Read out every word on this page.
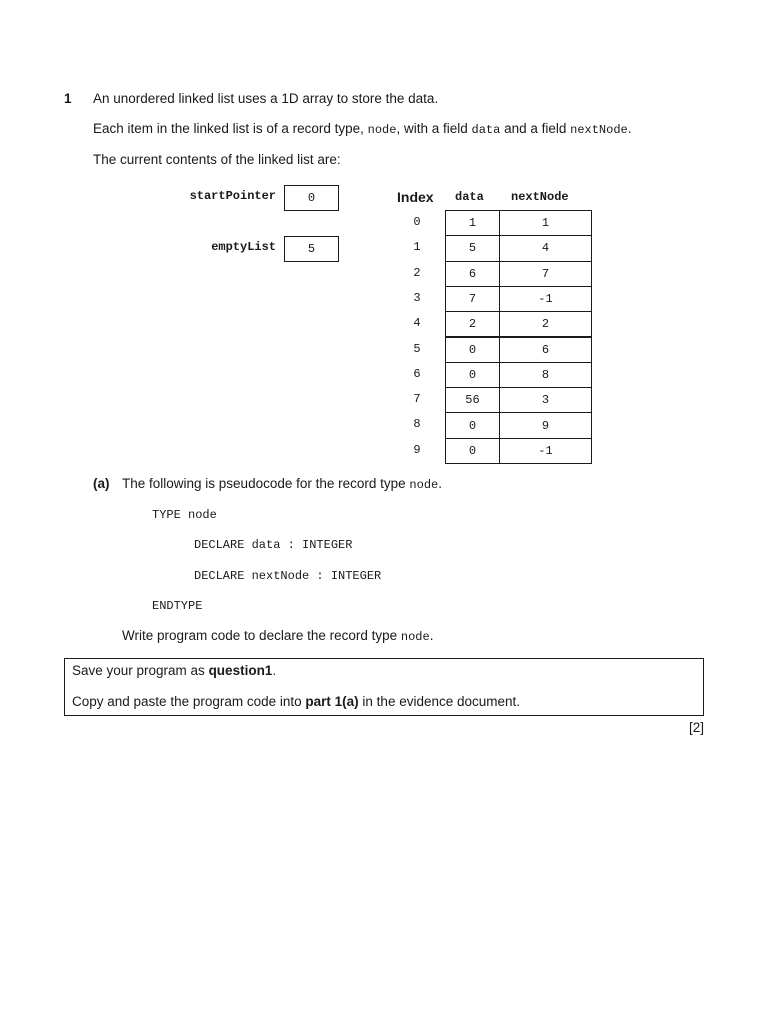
1 An unordered linked list uses a 1D array to store the data.
Each item in the linked list is of a record type, node, with a field data and a field nextNode.
The current contents of the linked list are:
startPointer	0
emptyList	5
Index data nextNode
0	1	1
1	5	4
2	6	7
3	7	-1
4	2	2
5	0	6
6	0	8
7	56	3
8	0	9
9	0	-1
(a) The following is pseudocode for the record type node.
TYPE node
DECLARE data : INTEGER
DECLARE nextNode : INTEGER
ENDTYPE
Write program code to declare the record type node.
Save your program as question1.
Copy and paste the program code into part 1(a) in the evidence document.
[2]
